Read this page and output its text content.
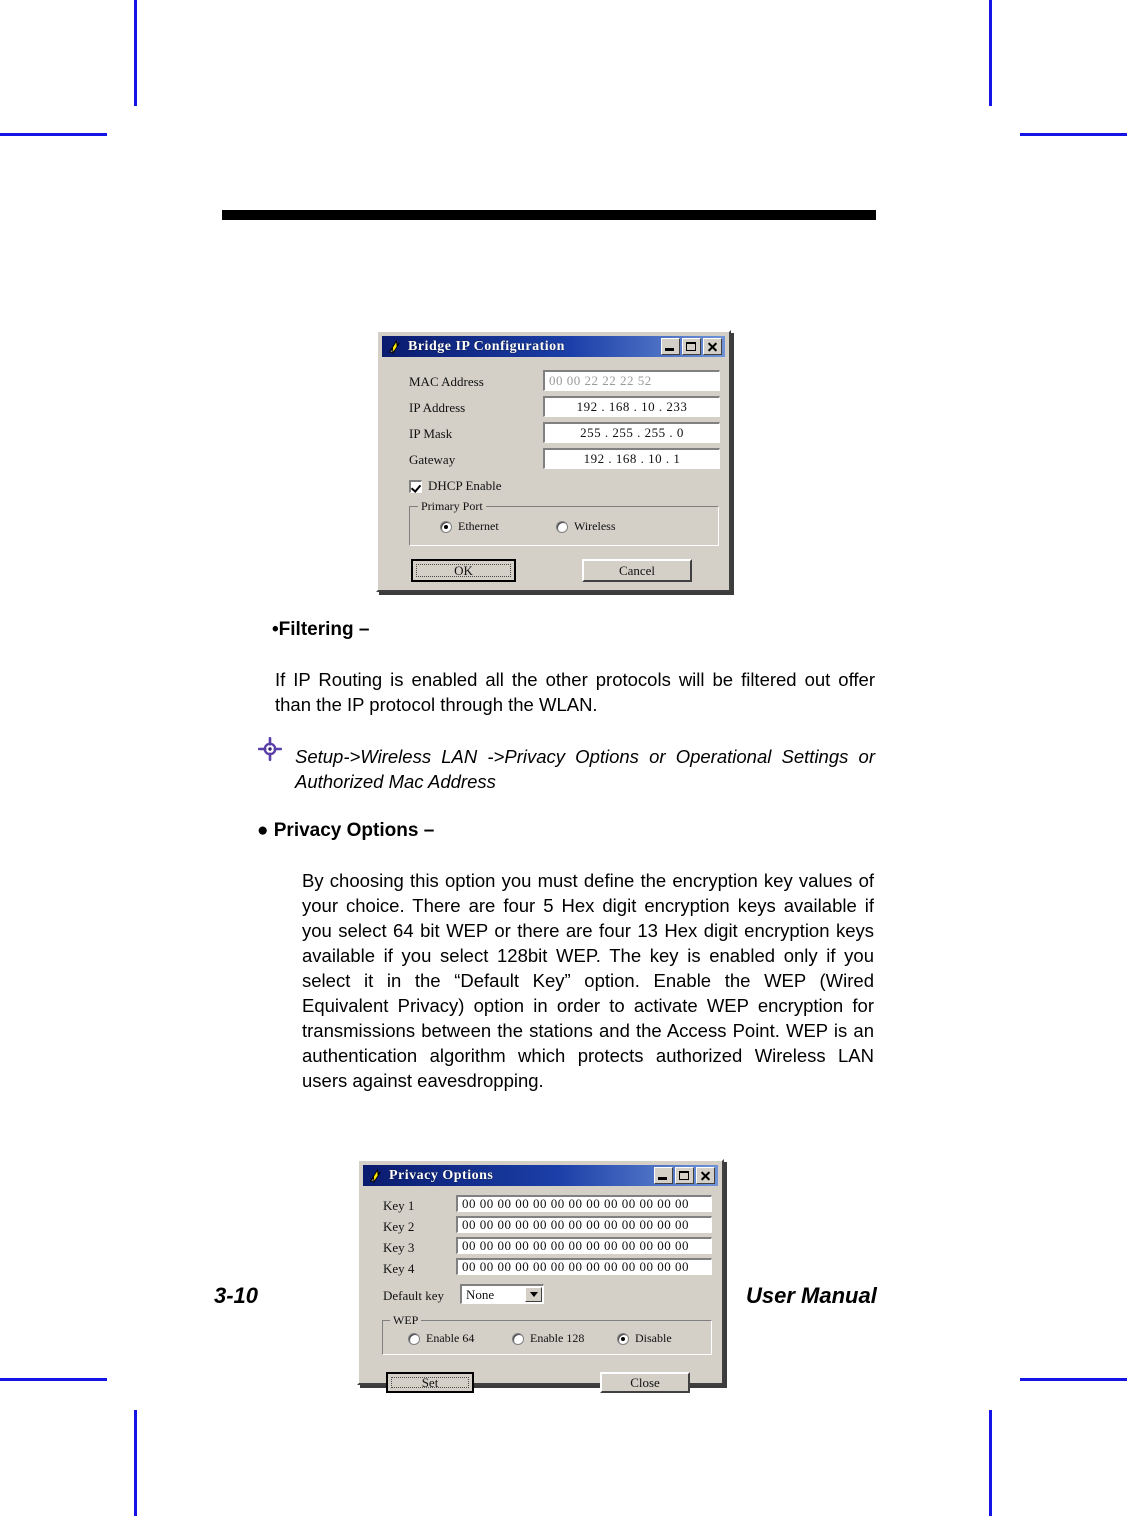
Bridge IP Configuration
MAC Address	00 00 22 22 22 52
IP Address	192 . 168 . 10 . 233
IP Mask	255 . 255 . 255 . 0
Gateway	192 . 168 . 10 . 1
DHCP Enable
Primary Port
Ethernet	Wireless
OK	Cancel
•Filtering –
If IP Routing is enabled all the other protocols will be filtered out offer than the IP protocol through the WLAN.
Setup->Wireless LAN ->Privacy Options or Operational Settings or Authorized Mac Address
● Privacy Options –
By choosing this option you must define the encryption key values of your choice. There are four 5 Hex digit encryption keys available if you select 64 bit WEP or there are four 13 Hex digit encryption keys available if you select 128bit WEP. The key is enabled only if you select it in the “Default Key” option. Enable the WEP (Wired Equivalent Privacy) option in order to activate WEP encryption for transmissions between the stations and the Access Point. WEP is an authentication algorithm which protects authorized Wireless LAN users against eavesdropping.
Privacy Options
Key 1	00 00 00 00 00 00 00 00 00 00 00 00 00
Key 2	00 00 00 00 00 00 00 00 00 00 00 00 00
Key 3	00 00 00 00 00 00 00 00 00 00 00 00 00
Key 4	00 00 00 00 00 00 00 00 00 00 00 00 00
Default key None
WEP
Enable 64	Enable 128	Disable
Set	Close
3-10	User Manual
